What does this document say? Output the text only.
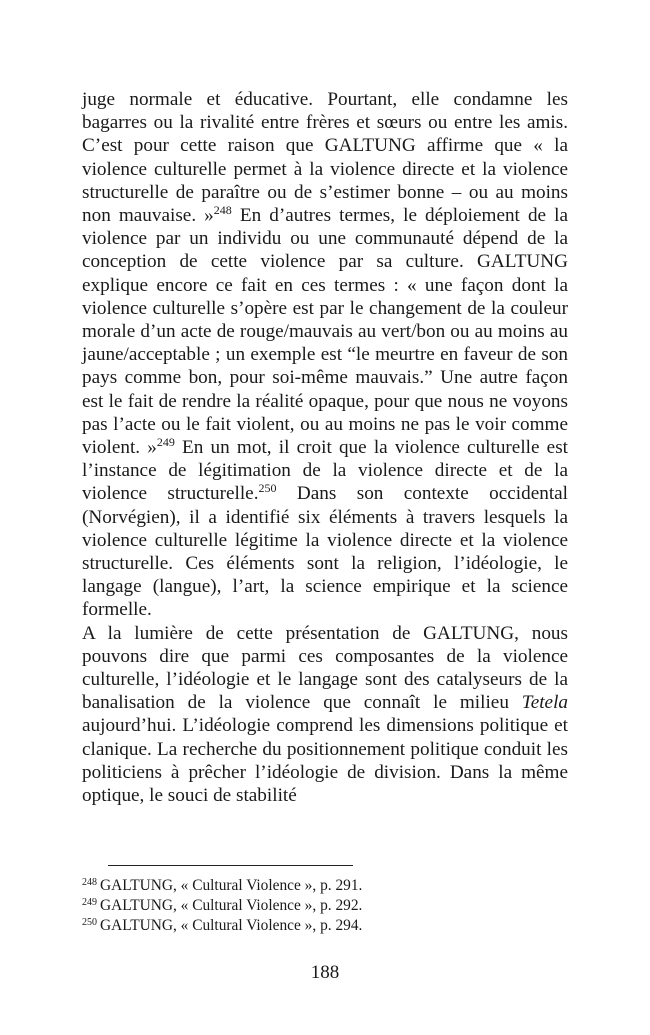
juge normale et éducative. Pourtant, elle condamne les bagarres ou la rivalité entre frères et sœurs ou entre les amis. C’est pour cette raison que GALTUNG affirme que « la violence culturelle permet à la violence directe et la violence structurelle de paraître ou de s’estimer bonne – ou au moins non mauvaise. »$^{248}$ En d’autres termes, le déploiement de la violence par un individu ou une communauté dépend de la conception de cette violence par sa culture. GALTUNG explique encore ce fait en ces termes : « une façon dont la violence culturelle s’opère est par le changement de la couleur morale d’un acte de rouge/mauvais au vert/bon ou au moins au jaune/acceptable ; un exemple est “le meurtre en faveur de son pays comme bon, pour soi-même mauvais.” Une autre façon est le fait de rendre la réalité opaque, pour que nous ne voyons pas l’acte ou le fait violent, ou au moins ne pas le voir comme violent. »$^{249}$ En un mot, il croit que la violence culturelle est l’instance de légitimation de la violence directe et de la violence structurelle.$^{250}$ Dans son contexte occidental (Norvégien), il a identifié six éléments à travers lesquels la violence culturelle légitime la violence directe et la violence structurelle. Ces éléments sont la religion, l’idéologie, le langage (langue), l’art, la science empirique et la science formelle.

A la lumière de cette présentation de GALTUNG, nous pouvons dire que parmi ces composantes de la violence culturelle, l’idéologie et le langage sont des catalyseurs de la banalisation de la violence que connaît le milieu Tetela aujourd’hui. L’idéologie comprend les dimensions politique et clanique. La recherche du positionnement politique conduit les politiciens à prêcher l’idéologie de division. Dans la même optique, le souci de stabilité

$^{248}$ GALTUNG, « Cultural Violence », p. 291.
$^{249}$ GALTUNG, « Cultural Violence », p. 292.
$^{250}$ GALTUNG, « Cultural Violence », p. 294.
188
